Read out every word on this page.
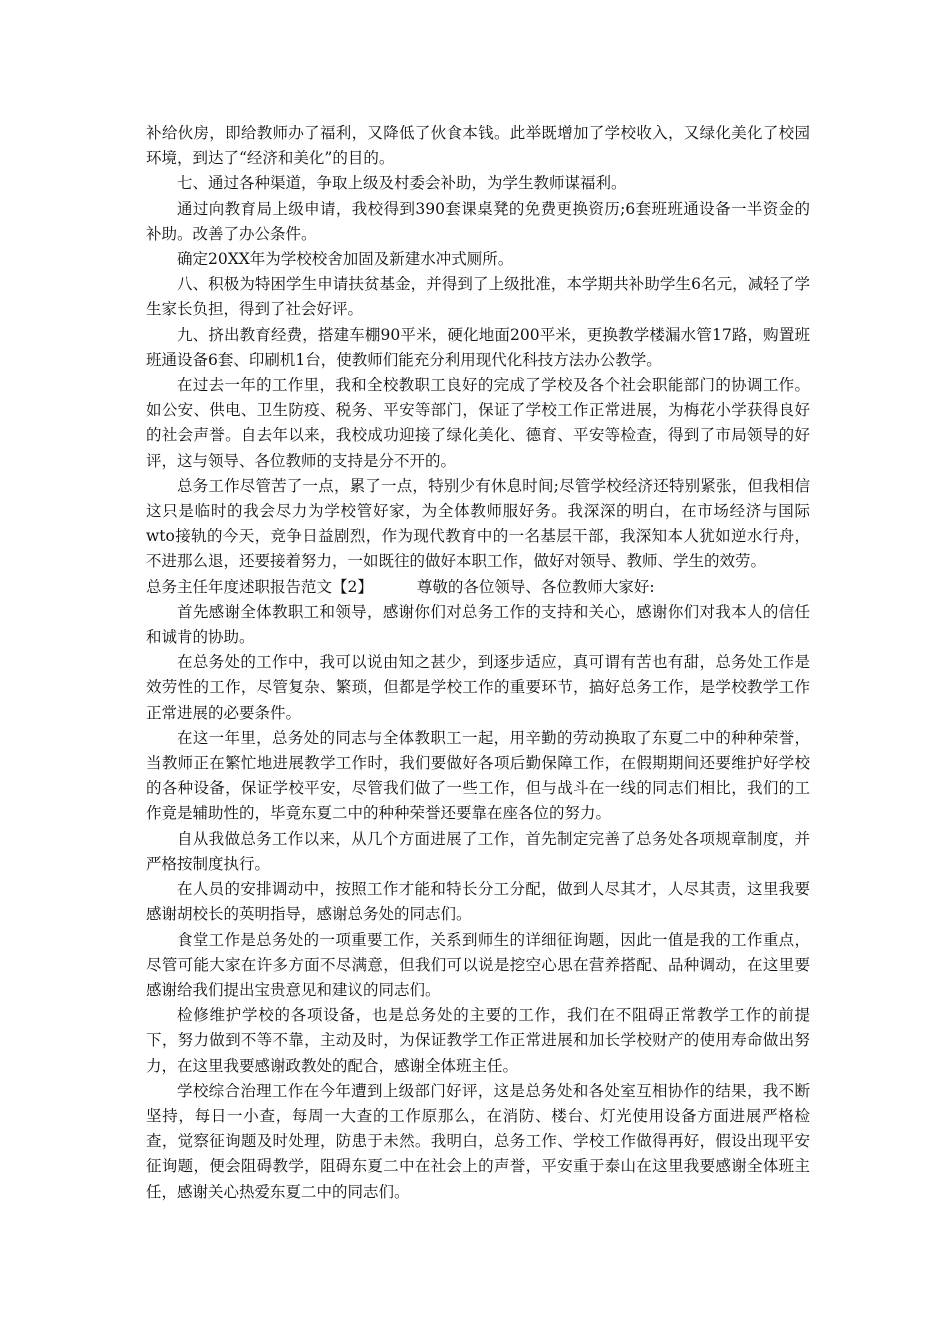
补给伙房，即给教师办了福利，又降低了伙食本钱。此举既增加了学校收入，又绿化美化了校园环境，到达了“经济和美化”的目的。

七、通过各种渠道，争取上级及村委会补助，为学生教师谋福利。

通过向教育局上级申请，我校得到390套课桌凳的免费更换资历;6套班班通设备一半资金的补助。改善了办公条件。

确定20XX年为学校校舍加固及新建水冲式厕所。

八、积极为特困学生申请扶贫基金，并得到了上级批准，本学期共补助学生6名元，减轻了学生家长负担，得到了社会好评。

九、挤出教育经费，搭建车棚90平米，硬化地面200平米，更换教学楼漏水管17路，购置班班通设备6套、印刷机1台，使教师们能充分利用现代化科技方法办公教学。

在过去一年的工作里，我和全校教职工良好的完成了学校及各个社会职能部门的协调工作。如公安、供电、卫生防疫、税务、平安等部门，保证了学校工作正常进展，为梅花小学获得良好的社会声誉。自去年以来，我校成功迎接了绿化美化、德育、平安等检查，得到了市局领导的好评，这与领导、各位教师的支持是分不开的。

总务工作尽管苦了一点，累了一点，特别少有休息时间;尽管学校经济还特别紧张，但我相信这只是临时的我会尽力为学校管好家，为全体教师服好务。我深深的明白，在市场经济与国际wto接轨的今天，竞争日益剧烈，作为现代教育中的一名基层干部，我深知本人犹如逆水行舟，不进那么退，还要接着努力，一如既往的做好本职工作，做好对领导、教师、学生的效劳。

总务主任年度述职报告范文【2】	尊敬的各位领导、各位教师大家好:

首先感谢全体教职工和领导，感谢你们对总务工作的支持和关心，感谢你们对我本人的信任和诚肯的协助。

在总务处的工作中，我可以说由知之甚少，到逐步适应，真可谓有苦也有甜，总务处工作是效劳性的工作，尽管复杂、繁琐，但都是学校工作的重要环节，搞好总务工作，是学校教学工作正常进展的必要条件。

在这一年里，总务处的同志与全体教职工一起，用辛勤的劳动换取了东夏二中的种种荣誉，当教师正在繁忙地进展教学工作时，我们要做好各项后勤保障工作，在假期期间还要维护好学校的各种设备，保证学校平安，尽管我们做了一些工作，但与战斗在一线的同志们相比，我们的工作竟是辅助性的，毕竟东夏二中的种种荣誉还要靠在座各位的努力。

自从我做总务工作以来，从几个方面进展了工作，首先制定完善了总务处各项规章制度，并严格按制度执行。

在人员的安排调动中，按照工作才能和特长分工分配，做到人尽其才，人尽其责，这里我要感谢胡校长的英明指导，感谢总务处的同志们。

食堂工作是总务处的一项重要工作，关系到师生的详细征询题，因此一值是我的工作重点，尽管可能大家在许多方面不尽满意，但我们可以说是挖空心思在营养搭配、品种调动，在这里要感谢给我们提出宝贵意见和建议的同志们。

检修维护学校的各项设备，也是总务处的主要的工作，我们在不阻碍正常教学工作的前提下，努力做到不等不靠，主动及时，为保证教学工作正常进展和加长学校财产的使用寿命做出努力，在这里我要感谢政教处的配合，感谢全体班主任。

学校综合治理工作在今年遭到上级部门好评，这是总务处和各处室互相协作的结果，我不断坚持，每日一小查，每周一大查的工作原那么，在消防、楼台、灯光使用设备方面进展严格检查，觉察征询题及时处理，防患于未然。我明白，总务工作、学校工作做得再好，假设出现平安征询题，便会阻碍教学，阻碍东夏二中在社会上的声誉，平安重于泰山在这里我要感谢全体班主任，感谢关心热爱东夏二中的同志们。
